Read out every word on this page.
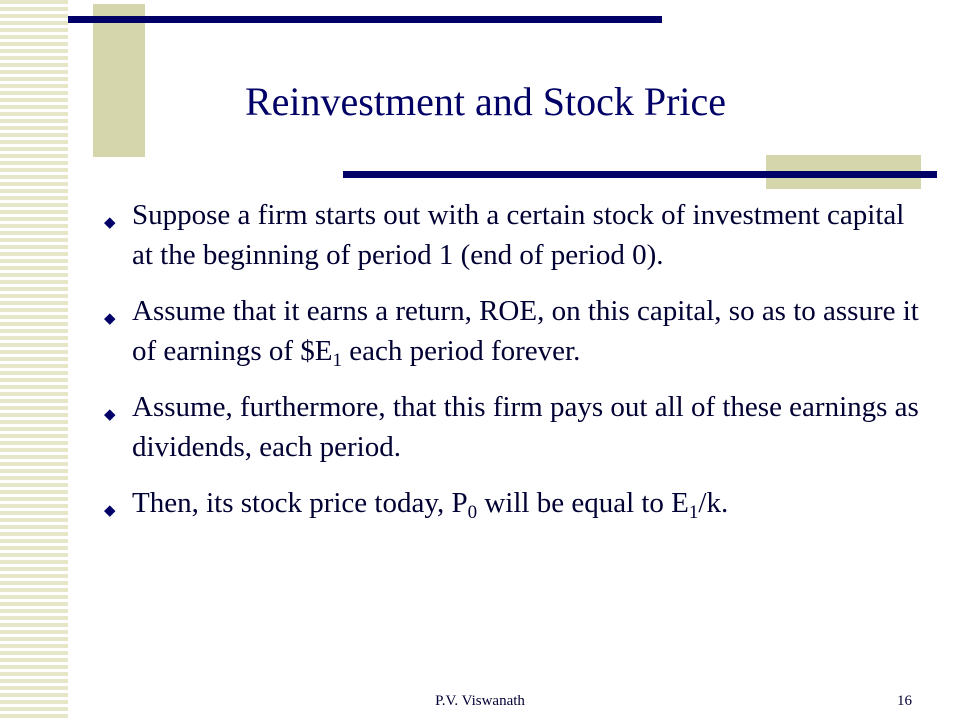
Reinvestment and Stock Price
◆ Suppose a firm starts out with a certain stock of investment capital at the beginning of period 1 (end of period 0).
◆ Assume that it earns a return, ROE, on this capital, so as to assure it of earnings of $\$E_1$ each period forever.
◆ Assume, furthermore, that this firm pays out all of these earnings as dividends, each period.
◆ Then, its stock price today, $P_0$ will be equal to $E_1/k$.
P.V. Viswanath	16
